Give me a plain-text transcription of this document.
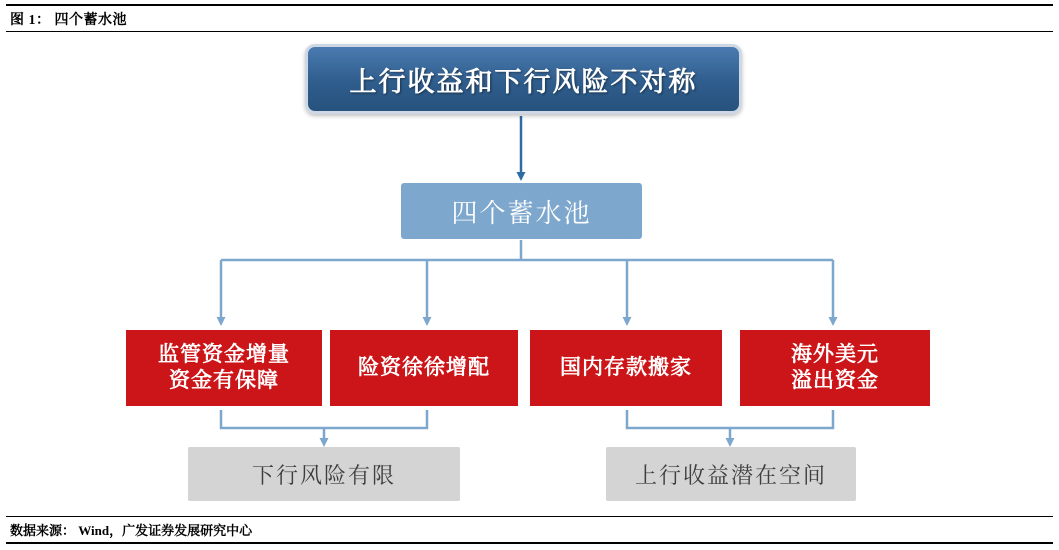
图 1： 四个蓄水池
上行收益和下行风险不对称
四个蓄水池
监管资金增量
资金有保障
险资徐徐增配	国内存款搬家
海外美元
溢出资金
下行风险有限	上行收益潜在空间
数据来源： Wind，广发证券发展研究中心
